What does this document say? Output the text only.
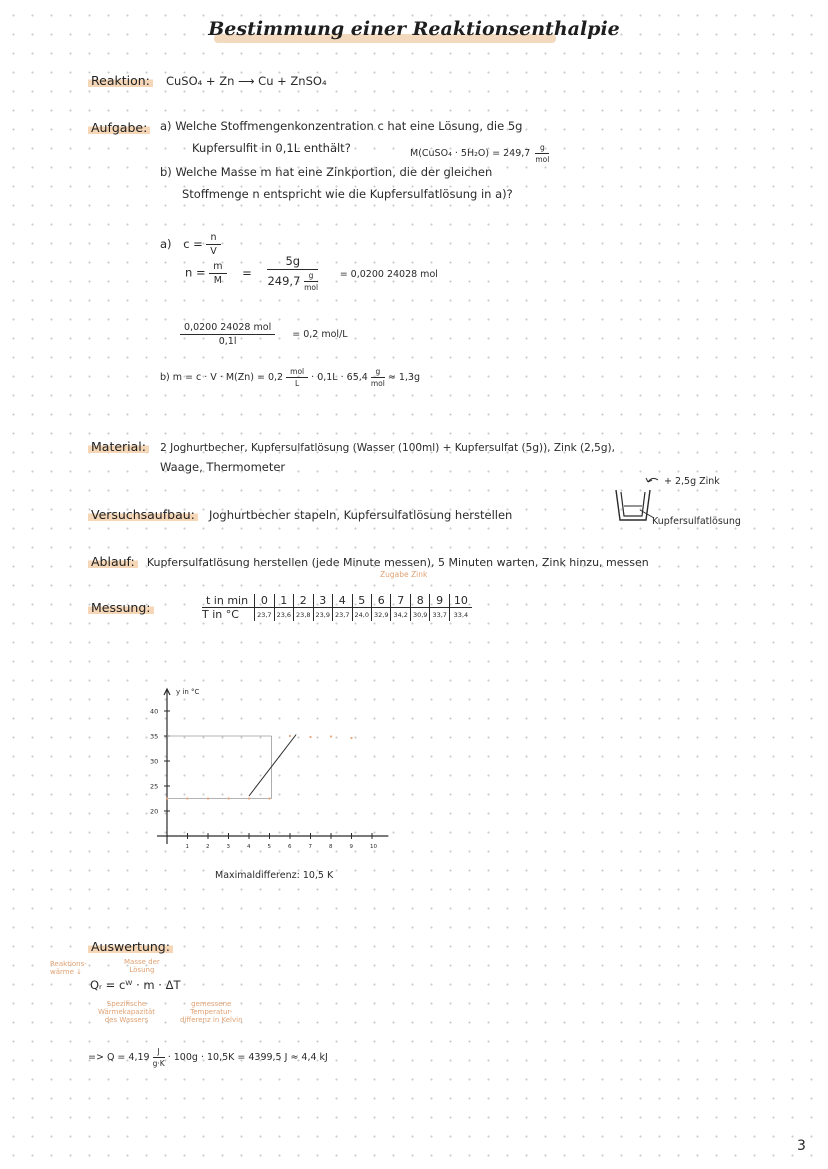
Bestimmung einer Reaktionsenthalpie
Reaktion: CuSO₄ + Zn ⟶ Cu + ZnSO₄
Aufgabe: a) Welche Stoffmengenkonzentration c hat eine Lösung, die 5g
Kupfersulfit in 0,1L enthält?	M(CuSO₄ · $5H_2O) = 249,7 \frac{g}{\text{mol}}$
b) Welche Masse m hat eine Zinkportion, die der gleichen
Stoffmenge n entspricht wie die Kupfersulfatlösung in a)?
a) $c = \frac{n}{V}$
$n = \frac{m}{M} = \frac{5g}{249,7 \frac{g}{\text{mol}}} = 0,0200$ 24028 mol
$\frac{\text{0,0200 24028 mol}}{0,1l} = 0,2$ mol/L
b) $m = c \cdot V \cdot M(Zn) = 0,2 \frac{\text{mol}}{L} \cdot 0,1L \cdot 65,4 \frac{g}{\text{mol}} \approx 1,3g$
Material: 2 Joghurtbecher, Kupfersulfatlösung (Wasser (100ml) + Kupfersulfat (5g)), Zink (2,5g),
Waage, Thermometer
Versuchsaufbau: Joghurtbecher stapeln, Kupfersulfatlösung herstellen
+ 2,5g Zink
Kupfersulfatlösung
Ablauf: Kupfersulfatlösung herstellen (jede Minute messen), 5 Minuten warten, Zink hinzu, messen
Messung:
Zugabe Zink
t in min	0	1	2	3	4	5	6	7	8	9	10
T in °C	23,7	23,6	23,8	23,9	23,7	24,0	32,9	34,2	30,9	33,7	33,4
y in °C
1	2	3	4	5	6	7	8	9	10
20
25
30
35
40
Maximaldifferenz: 10,5 K
Auswertung:
Reaktions-
wärme ↓
Masse der
Lösung
Qᵣ = cᵂ · m · ΔT
Spezifische
Wärmekapazität
des Wassers
gemessene
Temperatur-
differenz in Kelvin
=> $Q = 4,19 \frac{J}{g\cdot K} \cdot 100g \cdot 10,5K = 4399,5$ J ≈ 4,4 kJ
3
